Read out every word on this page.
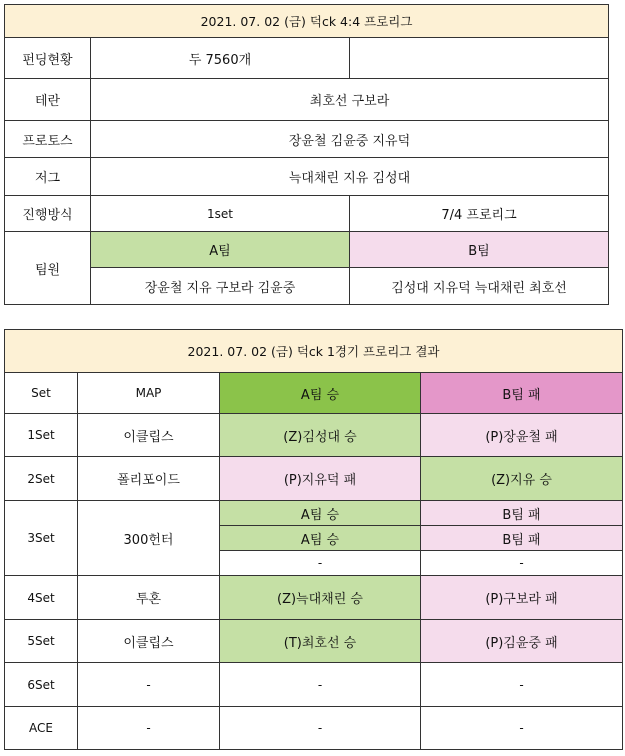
2021. 07. 02 (금) 덕ck 4:4 프로리그		
펀딩현황	두 7560개	
테란	최호선 구보라	
프로토스	장윤철 김윤중 지유덕	
저그	늑대채린 지유 김성대	
진행방식	1set	7/4 프로리그
팀원	A팀	B팀
	장윤철 지유 구보라 김윤중	김성대 지유덕 늑대채린 최호선
2021. 07. 02 (금) 덕ck 1경기 프로리그 결과			
Set	MAP	A팀 승	B팀 패
1Set	이클립스	(Z)김성대 승	(P)장윤철 패
2Set	폴리포이드	(P)지유덕 패	(Z)지유 승
3Set	300헌터	A팀 승	B팀 패
		A팀 승	B팀 패
		-	-
4Set	투혼	(Z)늑대채린 승	(P)구보라 패
5Set	이클립스	(T)최호선 승	(P)김윤중 패
6Set	-	-	-
ACE	-	-	-
